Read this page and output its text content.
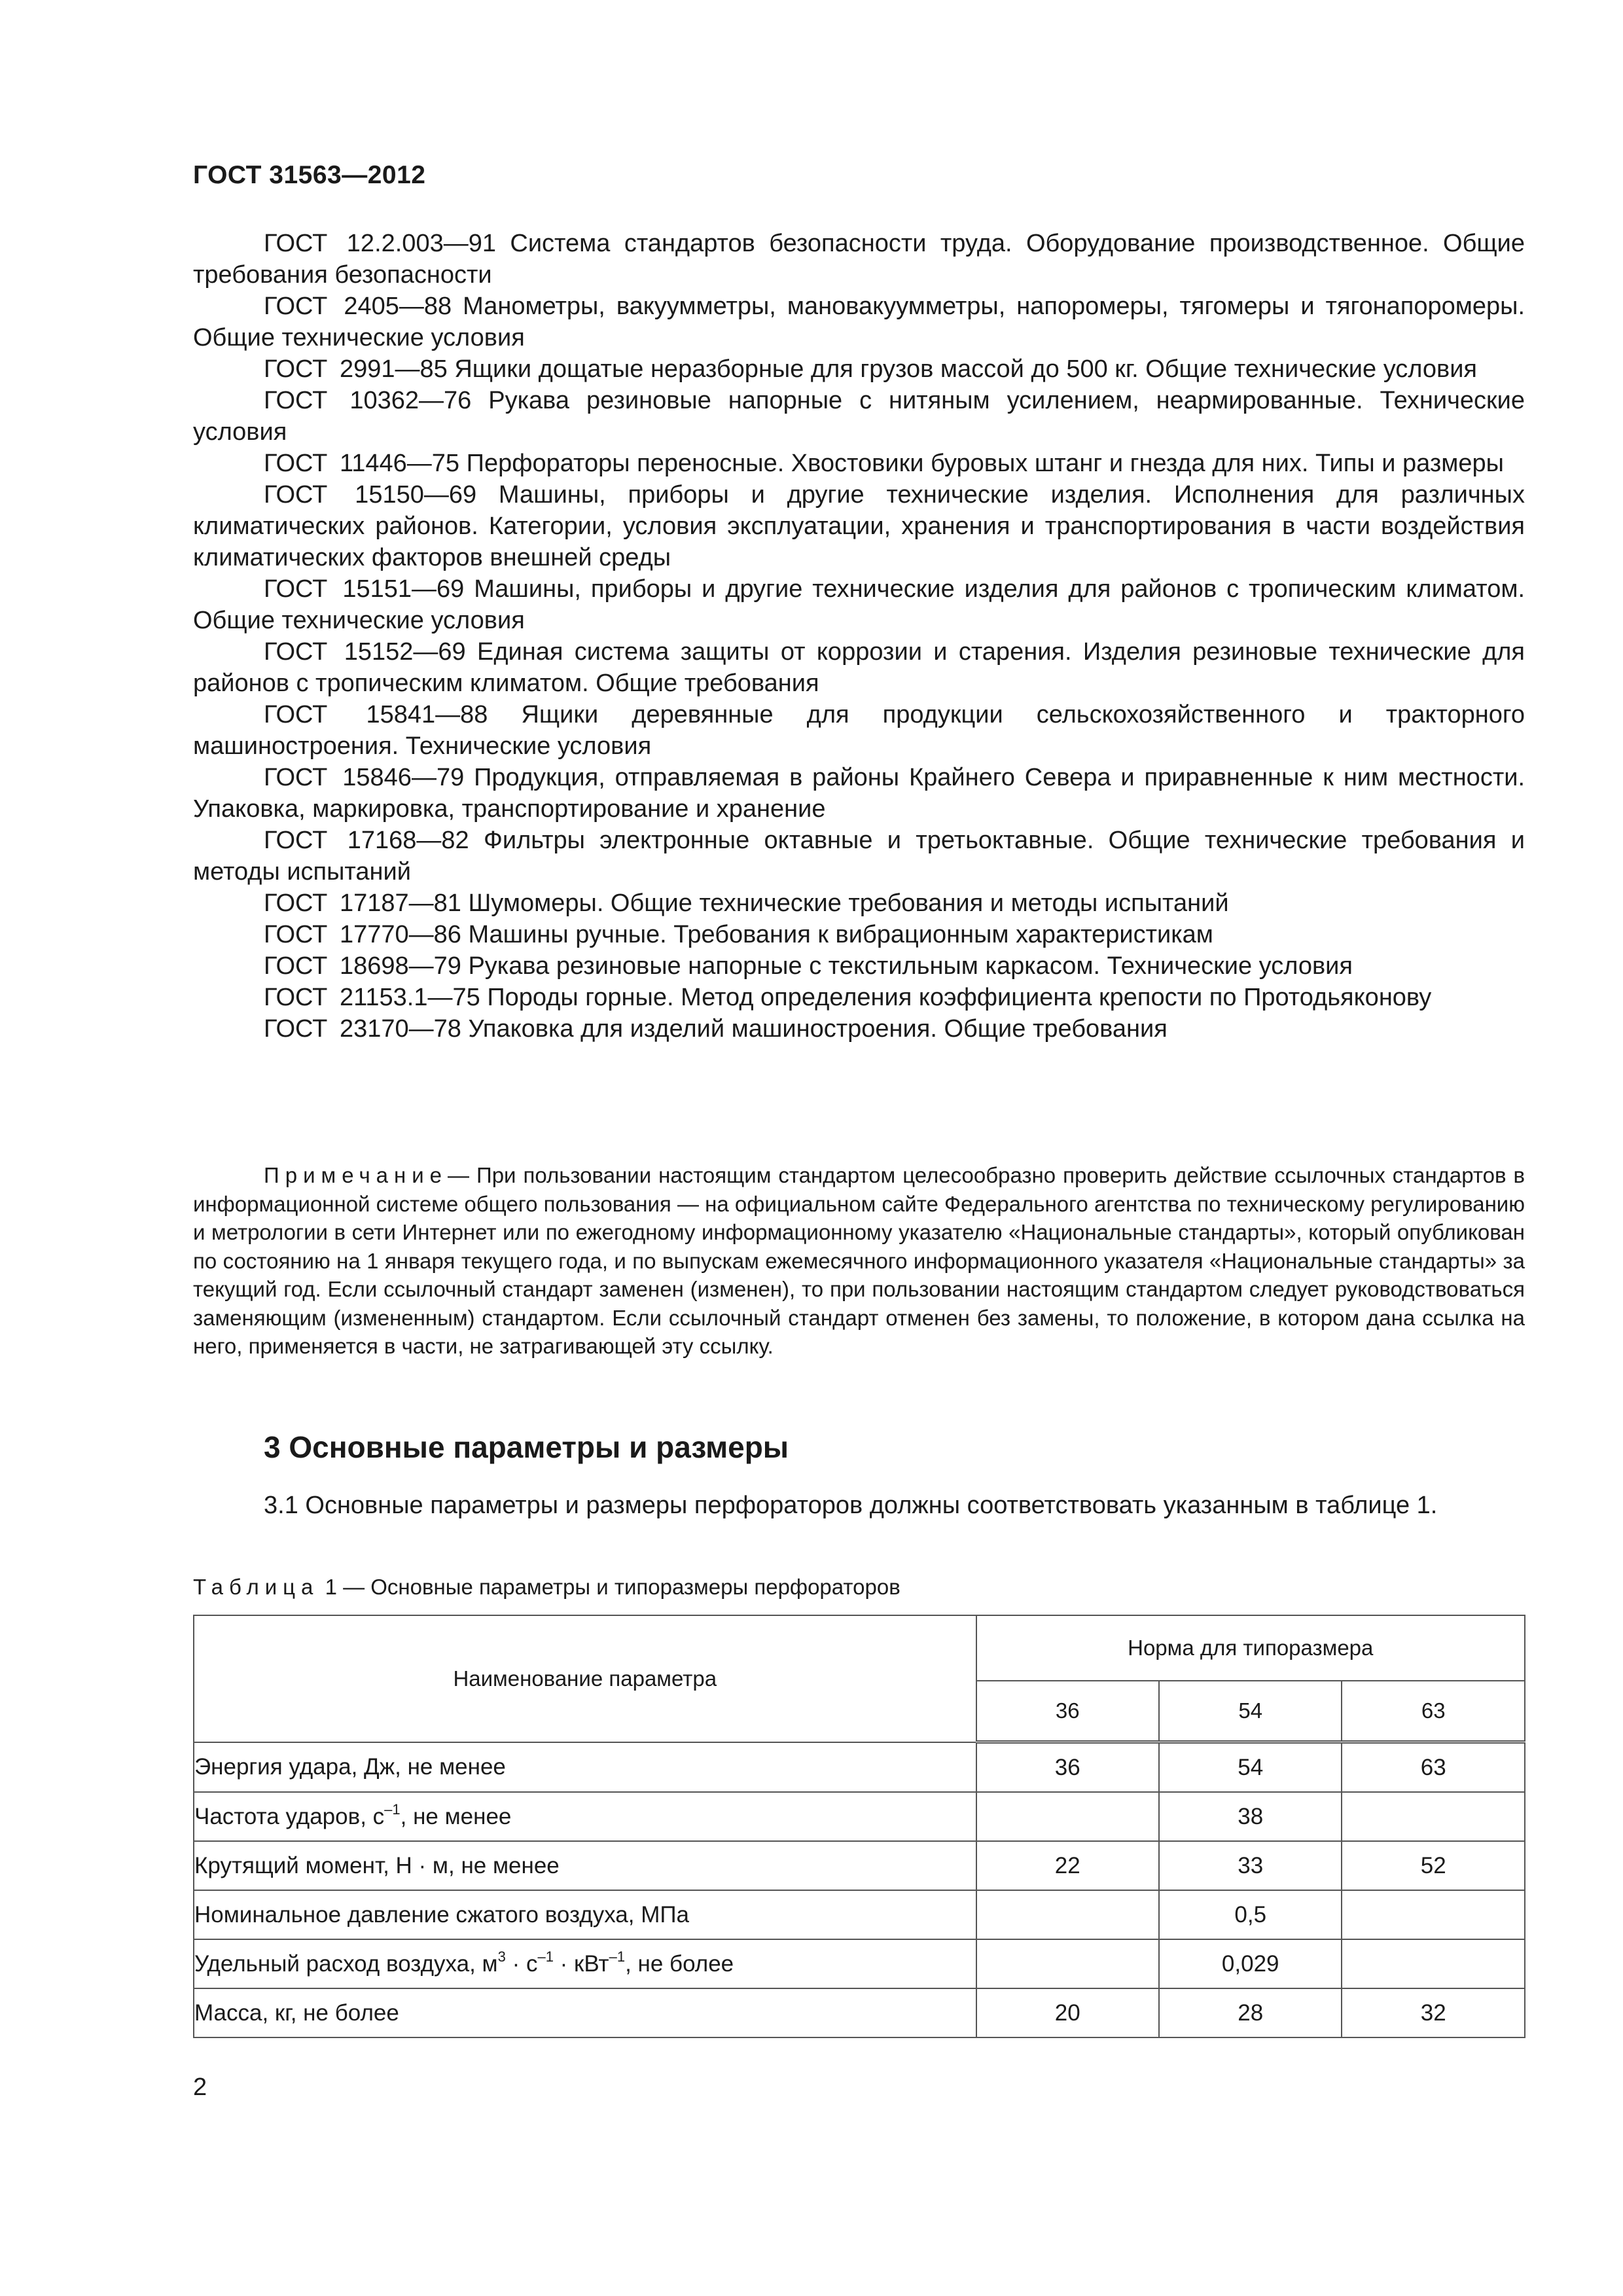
ГОСТ 31563—2012

ГОСТ 12.2.003—91 Система стандартов безопасности труда. Оборудование производственное. Общие требования безопасности

ГОСТ 2405—88 Манометры, вакуумметры, мановакуумметры, напоромеры, тягомеры и тягонапоромеры. Общие технические условия

ГОСТ 2991—85 Ящики дощатые неразборные для грузов массой до 500 кг. Общие технические условия

ГОСТ 10362—76 Рукава резиновые напорные с нитяным усилением, неармированные. Технические условия

ГОСТ 11446—75 Перфораторы переносные. Хвостовики буровых штанг и гнезда для них. Типы и размеры

ГОСТ 15150—69 Машины, приборы и другие технические изделия. Исполнения для различных климатических районов. Категории, условия эксплуатации, хранения и транспортирования в части воздействия климатических факторов внешней среды

ГОСТ 15151—69 Машины, приборы и другие технические изделия для районов с тропическим климатом. Общие технические условия

ГОСТ 15152—69 Единая система защиты от коррозии и старения. Изделия резиновые технические для районов с тропическим климатом. Общие требования

ГОСТ 15841—88 Ящики деревянные для продукции сельскохозяйственного и тракторного машиностроения. Технические условия

ГОСТ 15846—79 Продукция, отправляемая в районы Крайнего Севера и приравненные к ним местности. Упаковка, маркировка, транспортирование и хранение

ГОСТ 17168—82 Фильтры электронные октавные и третьоктавные. Общие технические требования и методы испытаний

ГОСТ 17187—81 Шумомеры. Общие технические требования и методы испытаний

ГОСТ 17770—86 Машины ручные. Требования к вибрационным характеристикам

ГОСТ 18698—79 Рукава резиновые напорные с текстильным каркасом. Технические условия

ГОСТ 21153.1—75 Породы горные. Метод определения коэффициента крепости по Протодьяконову

ГОСТ 23170—78 Упаковка для изделий машиностроения. Общие требования

Примечание— При пользовании настоящим стандартом целесообразно проверить действие ссылочных стандартов в информационной системе общего пользования — на официальном сайте Федерального агентства по техническому регулированию и метрологии в сети Интернет или по ежегодному информационному указателю «Национальные стандарты», который опубликован по состоянию на 1 января текущего года, и по выпускам ежемесячного информационного указателя «Национальные стандарты» за текущий год. Если ссылочный стандарт заменен (изменен), то при пользовании настоящим стандартом следует руководствоваться заменяющим (измененным) стандартом. Если ссылочный стандарт отменен без замены, то положение, в котором дана ссылка на него, применяется в части, не затрагивающей эту ссылку.
3 Основные параметры и размеры
3.1 Основные параметры и размеры перфораторов должны соответствовать указанным в таблице 1.
Таблица 1 — Основные параметры и типоразмеры перфораторов
Наименование параметра	Норма для типоразмера		
	36	54	63
Энергия удара, Дж, не менее	36	54	63
Частота ударов, $с^{-1}$, не менее		38	
Крутящий момент, Н · м, не менее	22	33	52
Номинальное давление сжатого воздуха, МПа		0,5	
Удельный расход воздуха, $м^3 \cdot с^{-1} \cdot кВт^{-1}$, не более		0,029	
Масса, кг, не более	20	28	32
2
